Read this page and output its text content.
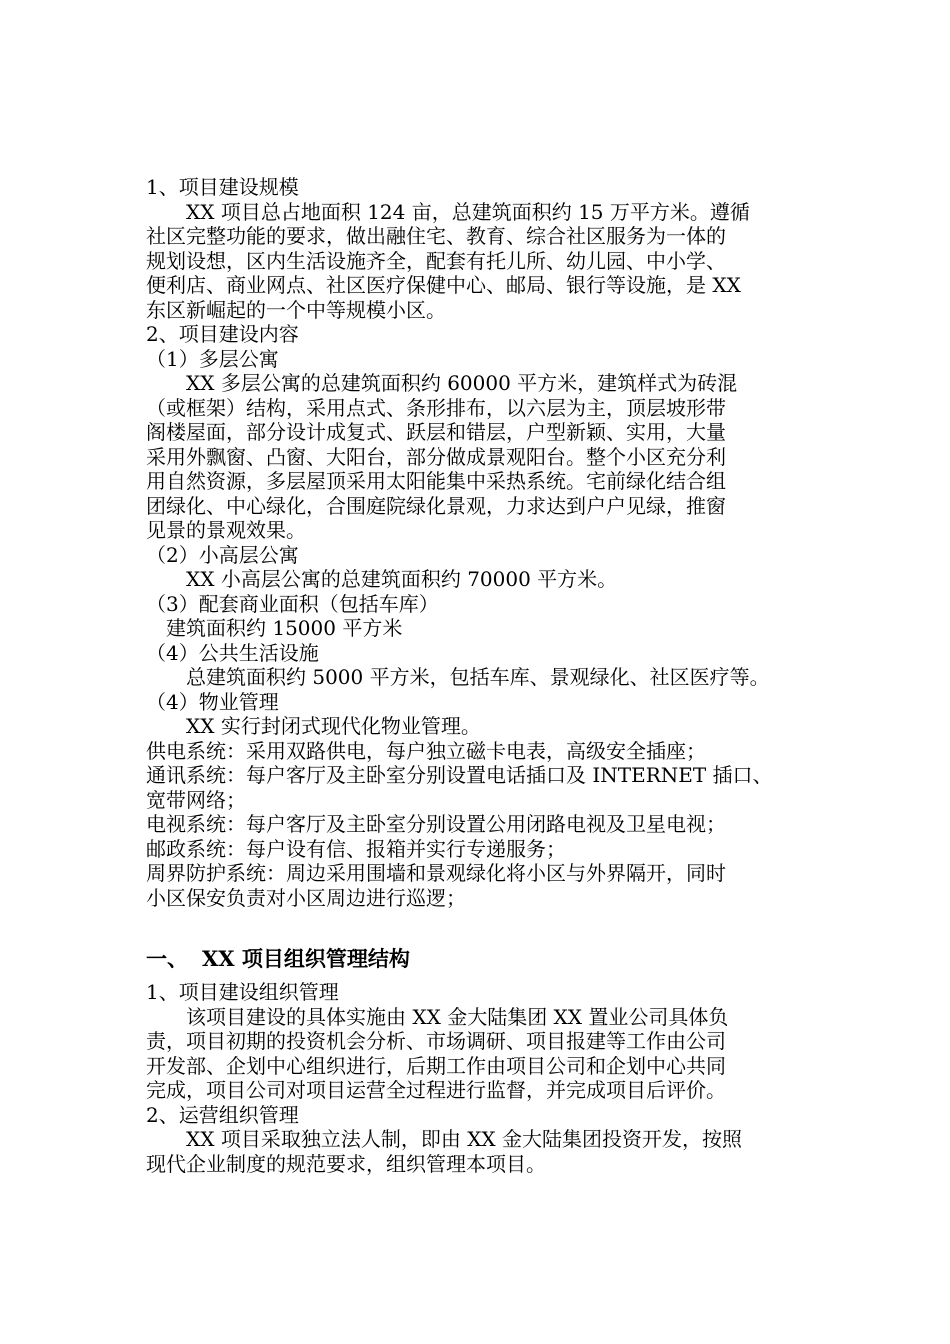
1、项目建设规模

XX 项目总占地面积 124 亩，总建筑面积约 15 万平方米。遵循

社区完整功能的要求，做出融住宅、教育、综合社区服务为一体的

规划设想，区内生活设施齐全，配套有托儿所、幼儿园、中小学、

便利店、商业网点、社区医疗保健中心、邮局、银行等设施，是 XX

东区新崛起的一个中等规模小区。

2、项目建设内容

（1）多层公寓

XX 多层公寓的总建筑面积约 60000 平方米，建筑样式为砖混

（或框架）结构，采用点式、条形排布，以六层为主，顶层坡形带

阁楼屋面，部分设计成复式、跃层和错层，户型新颖、实用，大量

采用外飘窗、凸窗、大阳台，部分做成景观阳台。整个小区充分利

用自然资源，多层屋顶采用太阳能集中采热系统。宅前绿化结合组

团绿化、中心绿化，合围庭院绿化景观，力求达到户户见绿，推窗

见景的景观效果。

（2）小高层公寓

XX 小高层公寓的总建筑面积约 70000 平方米。

（3）配套商业面积（包括车库）

建筑面积约 15000 平方米

（4）公共生活设施

总建筑面积约 5000 平方米，包括车库、景观绿化、社区医疗等。

（4）物业管理

XX 实行封闭式现代化物业管理。

供电系统：采用双路供电，每户独立磁卡电表，高级安全插座；

通讯系统：每户客厅及主卧室分别设置电话插口及 INTERNET 插口、

宽带网络；

电视系统：每户客厅及主卧室分别设置公用闭路电视及卫星电视；

邮政系统：每户设有信、报箱并实行专递服务；

周界防护系统：周边采用围墙和景观绿化将小区与外界隔开，同时

小区保安负责对小区周边进行巡逻；

一、 XX 项目组织管理结构

1、项目建设组织管理

该项目建设的具体实施由 XX 金大陆集团 XX 置业公司具体负

责，项目初期的投资机会分析、市场调研、项目报建等工作由公司

开发部、企划中心组织进行，后期工作由项目公司和企划中心共同

完成，项目公司对项目运营全过程进行监督，并完成项目后评价。

2、运营组织管理

XX 项目采取独立法人制，即由 XX 金大陆集团投资开发，按照

现代企业制度的规范要求，组织管理本项目。
